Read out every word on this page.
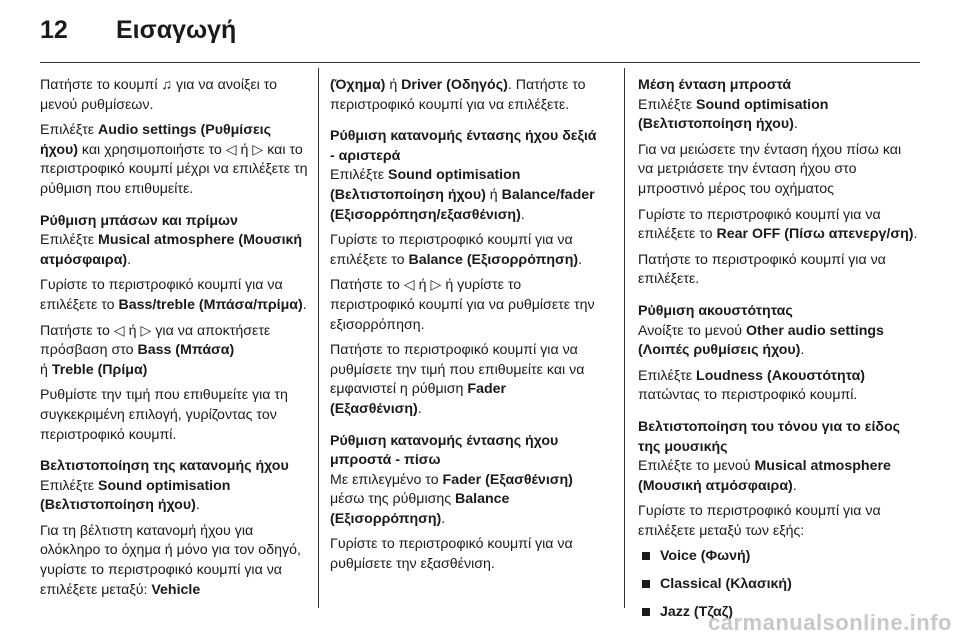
12	Εισαγωγή

Πατήστε το κουμπί ♫ για να ανοίξει το μενού ρυθμίσεων.

Επιλέξτε Audio settings (Ρυθμίσεις ήχου) και χρησιμοποιήστε το ◁ ή ▷ και το περιστροφικό κουμπί μέχρι να επιλέξετε τη ρύθμιση που επιθυμείτε.

Ρύθμιση μπάσων και πρίμων

Επιλέξτε Musical atmosphere (Μουσική ατμόσφαιρα).

Γυρίστε το περιστροφικό κουμπί για να επιλέξετε το Bass/treble (Μπάσα/πρίμα).

Πατήστε το ◁ ή ▷ για να αποκτήσετε πρόσβαση στο Bass (Μπάσα)
ή Treble (Πρίμα)

Ρυθμίστε την τιμή που επιθυμείτε για τη συγκεκριμένη επιλογή, γυρίζοντας τον περιστροφικό κουμπί.

Βελτιστοποίηση της κατανομής ήχου

Επιλέξτε Sound optimisation (Βελτιστοποίηση ήχου).

Για τη βέλτιστη κατανομή ήχου για ολόκληρο το όχημα ή μόνο για τον οδηγό, γυρίστε το περιστροφικό κουμπί για να επιλέξετε μεταξύ: Vehicle

(Όχημα) ή Driver (Οδηγός). Πατήστε το περιστροφικό κουμπί για να επιλέξετε.

Ρύθμιση κατανομής έντασης ήχου δεξιά - αριστερά

Επιλέξτε Sound optimisation (Βελτιστοποίηση ήχου) ή Balance/fader (Εξισορρόπηση/εξασθένιση).

Γυρίστε το περιστροφικό κουμπί για να επιλέξετε το Balance (Εξισορρόπηση).

Πατήστε το ◁ ή ▷ ή γυρίστε το περιστροφικό κουμπί για να ρυθμίσετε την εξισορρόπηση.

Πατήστε το περιστροφικό κουμπί για να ρυθμίσετε την τιμή που επιθυμείτε και να εμφανιστεί η ρύθμιση Fader (Εξασθένιση).

Ρύθμιση κατανομής έντασης ήχου μπροστά - πίσω

Με επιλεγμένο το Fader (Εξασθένιση) μέσω της ρύθμισης Balance (Εξισορρόπηση).

Γυρίστε το περιστροφικό κουμπί για να ρυθμίσετε την εξασθένιση.

Μέση ένταση μπροστά

Επιλέξτε Sound optimisation (Βελτιστοποίηση ήχου).

Για να μειώσετε την ένταση ήχου πίσω και να μετριάσετε την ένταση ήχου στο μπροστινό μέρος του οχήματος

Γυρίστε το περιστροφικό κουμπί για να επιλέξετε το Rear OFF (Πίσω απενεργ/ση).

Πατήστε το περιστροφικό κουμπί για να επιλέξετε.

Ρύθμιση ακουστότητας

Ανοίξτε το μενού Other audio settings (Λοιπές ρυθμίσεις ήχου).

Επιλέξτε Loudness (Ακουστότητα) πατώντας το περιστροφικό κουμπί.

Βελτιστοποίηση του τόνου για το είδος της μουσικής

Επιλέξτε το μενού Musical atmosphere (Μουσική ατμόσφαιρα).

Γυρίστε το περιστροφικό κουμπί για να επιλέξετε μεταξύ των εξής:

Voice (Φωνή)
Classical (Κλασική)
Jazz (Τζαζ)
carmanualsonline.info
